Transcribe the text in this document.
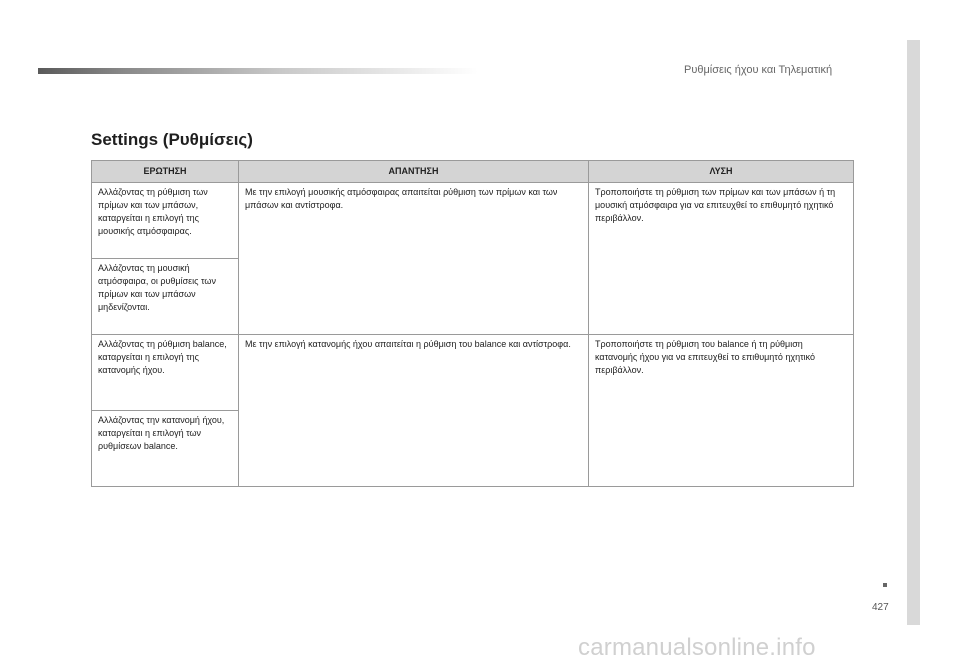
Ρυθμίσεις ήχου και Τηλεματική
Settings (Ρυθμίσεις)
ΕΡΩΤΗΣΗ	ΑΠΑΝΤΗΣΗ	ΛΥΣΗ
Αλλάζοντας τη ρύθμιση των πρίμων και των μπάσων, καταργείται η επιλογή της μουσικής ατμόσφαιρας.	Με την επιλογή μουσικής ατμόσφαιρας απαιτείται ρύθμιση των πρίμων και των μπάσων και αντίστροφα.	Τροποποιήστε τη ρύθμιση των πρίμων και των μπάσων ή τη μουσική ατμόσφαιρα για να επιτευχθεί το επιθυμητό ηχητικό περιβάλλον.
Αλλάζοντας τη μουσική ατμόσφαιρα, οι ρυθμίσεις των πρίμων και των μπάσων μηδενίζονται.		
Αλλάζοντας τη ρύθμιση balance, καταργείται η επιλογή της κατανομής ήχου.	Με την επιλογή κατανομής ήχου απαιτείται η ρύθμιση του balance και αντίστροφα.	Τροποποιήστε τη ρύθμιση του balance ή τη ρύθμιση κατανομής ήχου για να επιτευχθεί το επιθυμητό ηχητικό περιβάλλον.
Αλλάζοντας την κατανομή ήχου, καταργείται η επιλογή των ρυθμίσεων balance.		
427
carmanualsonline.info
